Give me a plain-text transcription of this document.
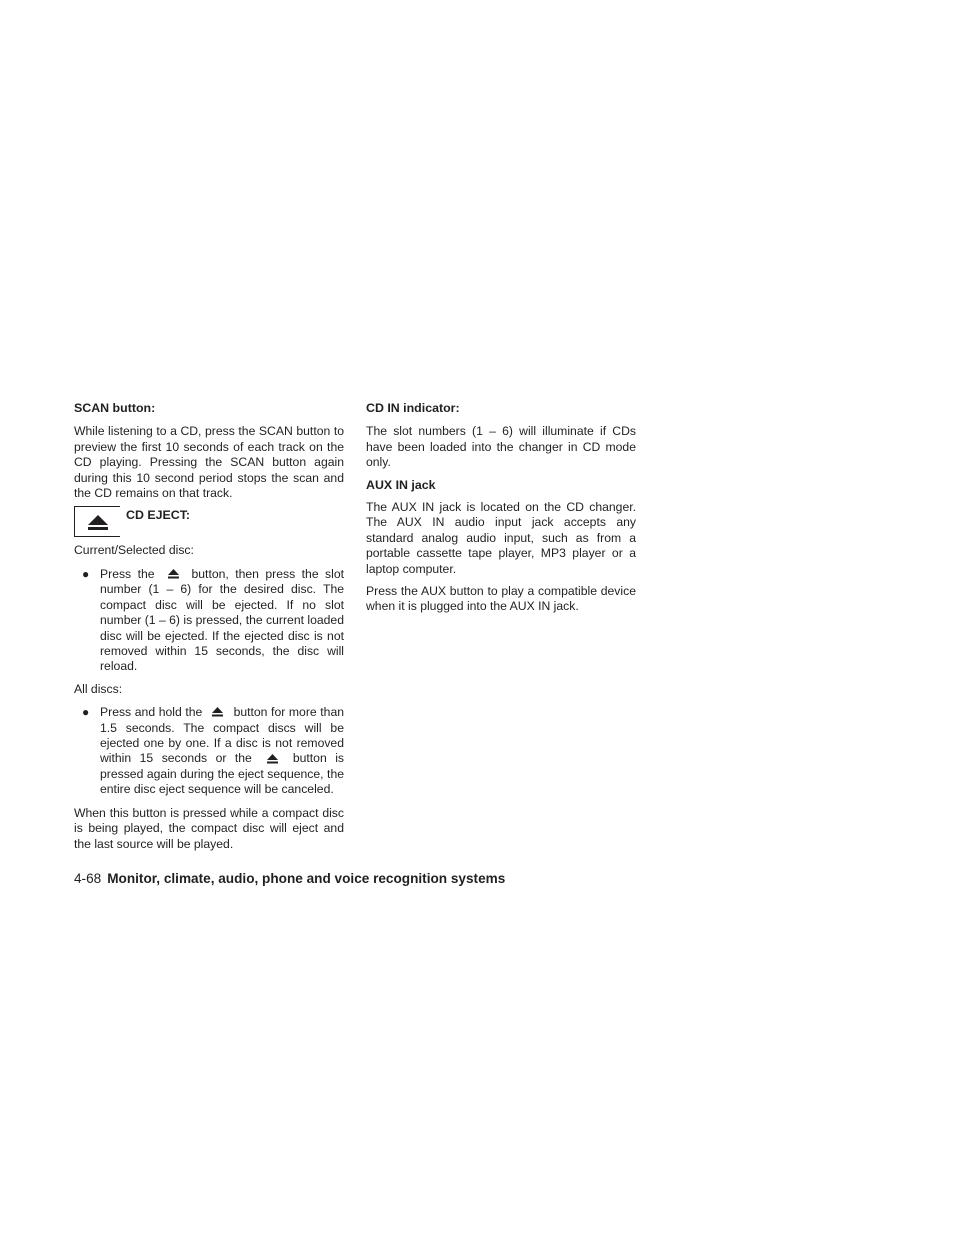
SCAN button:

While listening to a CD, press the SCAN button to preview the first 10 seconds of each track on the CD playing. Pressing the SCAN button again during this 10 second period stops the scan and the CD remains on that track.

CD EJECT:

Current/Selected disc:

● Press the	button, then press the slot number (1 – 6) for the desired disc. The compact disc will be ejected. If no slot number (1 – 6) is pressed, the current loaded disc will be ejected. If the ejected disc is not removed within 15 seconds, the disc will reload.

All discs:

● Press and hold the	button for more than 1.5 seconds. The compact discs will be ejected one by one. If a disc is not removed within 15 seconds or the	button is pressed again during the eject sequence, the entire disc eject sequence will be canceled.

When this button is pressed while a compact disc is being played, the compact disc will eject and the last source will be played.

CD IN indicator:

The slot numbers (1 – 6) will illuminate if CDs have been loaded into the changer in CD mode only.

AUX IN jack

The AUX IN jack is located on the CD changer. The AUX IN audio input jack accepts any standard analog audio input, such as from a portable cassette tape player, MP3 player or a laptop computer.

Press the AUX button to play a compatible device when it is plugged into the AUX IN jack.

4-68 Monitor, climate, audio, phone and voice recognition systems
